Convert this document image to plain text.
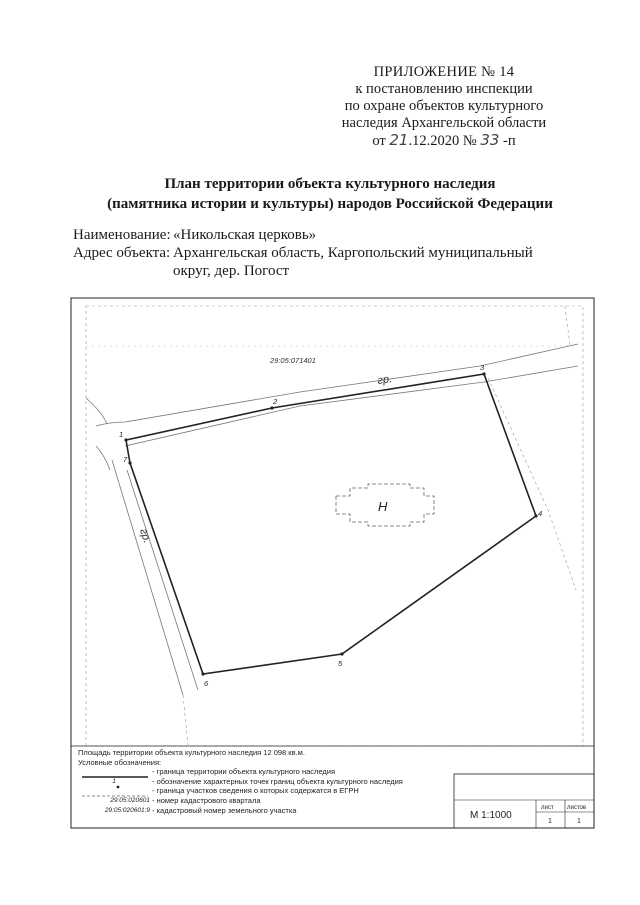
ПРИЛОЖЕНИЕ № 14
к постановлению инспекции
по охране объектов культурного
наследия Архангельской области
от 21.12.2020 № 33 -п
План территории объекта культурного наследия
(памятника истории и культуры) народов Российской Федерации
Наименование: «Никольская церковь»
Адрес объекта: Архангельская область, Каргопольский муниципальный
округ, дер. Погост
Н
29:05:071401
гр.
гр.
1
2
3
4
5
6
7
М 1:1000
лист листов
1	1
Площадь территории объекта культурного наследия 12 098 кв.м.
Условные обозначения:
- граница территории объекта культурного наследия
1	- обозначение характерных точек границ объекта культурного наследия
- граница участков сведения о которых содержатся в ЕГРН
29:05:020601 - номер кадастрового квартала
29:05:020601:9 - кадастровый номер земельного участка
